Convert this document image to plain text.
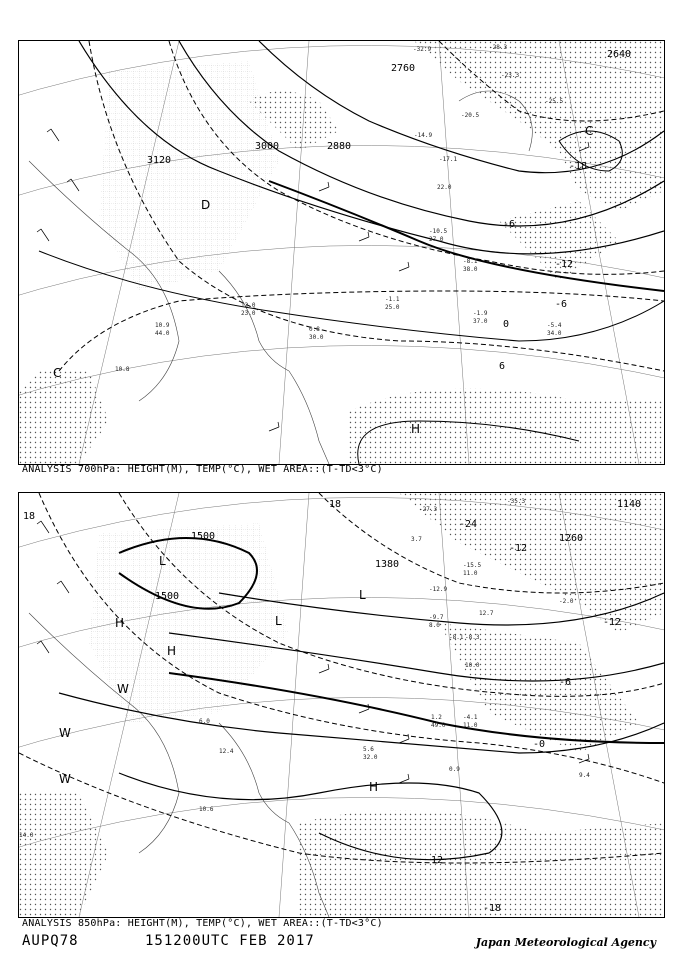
3120
3000	2880
2640
2760
-12
-18
-6
6
-6
0
H
C
C
D
10.8
-20.5
-14.9
-10.5
27.0
-8.1
38.0
-1.9
37.0
-1.1
25.0
0.8
30.0
12.0
23.0
-5.4
34.0
-28.3
-23.3
-17.1
22.0
10.9
44.0
-32.9
-25.5
ANALYSIS 700hPa: HEIGHT(M), TEMP(°C), WET AREA::(T-TD<3°C)
1500
1500
1140
1260
1380
12
18
-18
-12
-24
-6
-0
-12
18
L
L
L
H
H
H
W
W
W
-12.9
-15.5
11.0
-9.7
8.0
-8.1 -8.3
12.7
10.0
5.6
32.0
1.2
49.0
-4.1
11.0
9.4
0.9
14.0
3.7
-35.3
-27.3
6.0
10.6
12.4
-2.0
ANALYSIS 850hPa: HEIGHT(M), TEMP(°C), WET AREA::(T-TD<3°C)
AUPQ78	151200UTC FEB 2017	Japan Meteorological Agency
